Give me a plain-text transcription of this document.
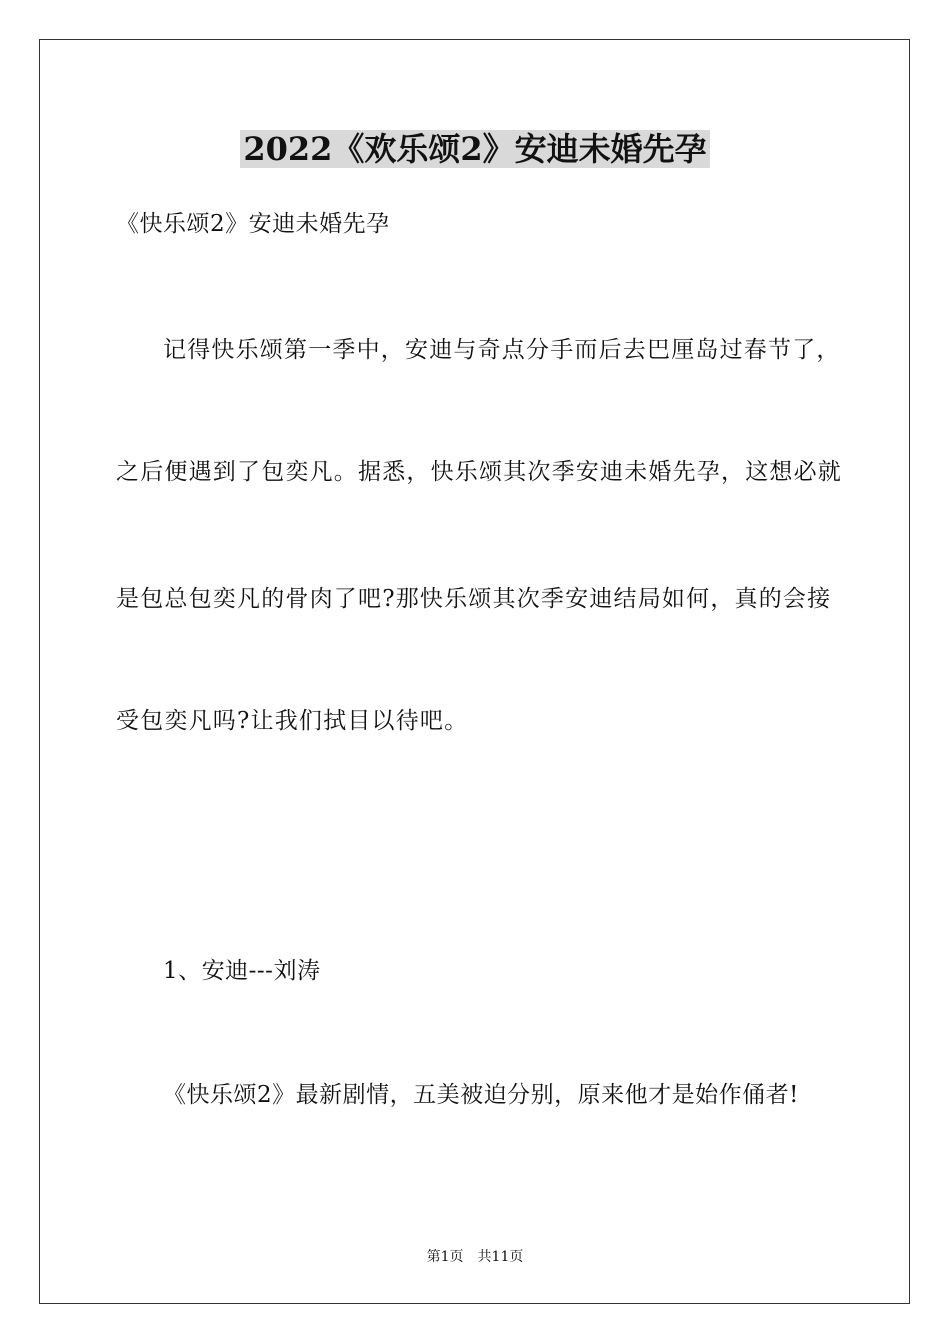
2022《欢乐颂2》安迪未婚先孕
《快乐颂2》安迪未婚先孕
记得快乐颂第一季中，安迪与奇点分手而后去巴厘岛过春节了，
之后便遇到了包奕凡。据悉，快乐颂其次季安迪未婚先孕，这想必就
是包总包奕凡的骨肉了吧?那快乐颂其次季安迪结局如何，真的会接
受包奕凡吗?让我们拭目以待吧。
1、安迪---刘涛
《快乐颂2》最新剧情，五美被迫分别，原来他才是始作俑者!
第1页 共11页
